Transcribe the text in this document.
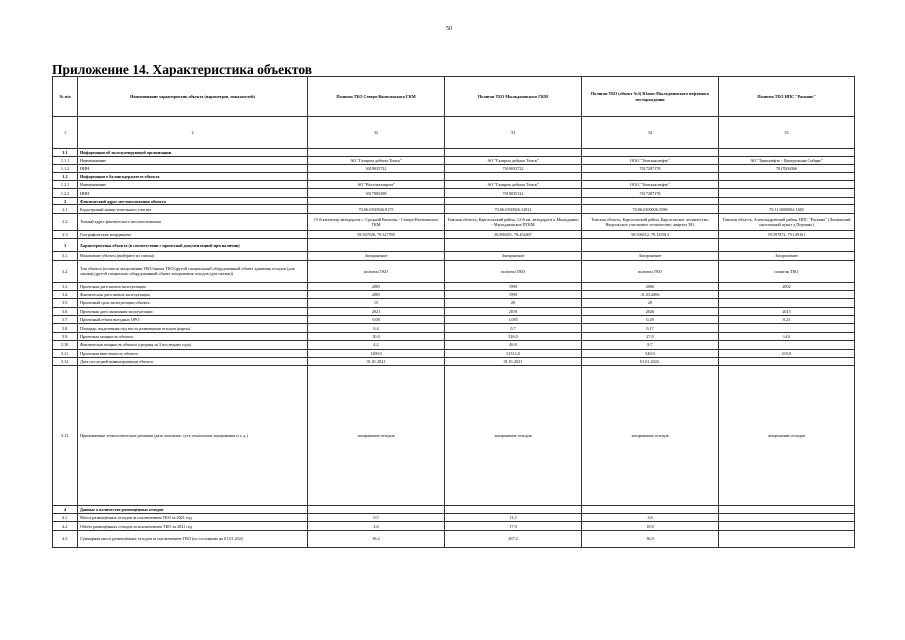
50
Приложение 14. Характеристика объектов
№ п/п	Наименование характеристик объекта (параметров, показателей)	Полигон ТБО Северо-Васюганского ГКМ	Полигон ТБО Мыльджинского ГКМ	Полигон ТБО (объект №3) Южно-Мыльджинского нефтяного месторождения	Полигон ТБО НПС "Раскино"
1	2	32	33	34	35
1.1	Информация об эксплуатирующей организации				
1.1.1	Наименование	АО "Газпром добыча Томск"	АО "Газпром добыча Томск"	ООО "Томская нефть"	АО "Транснефть - Центральная Сибирь"
1.1.2	ИНН	3019035722	7019035722	7017287178	7017004366
1.2	Информация о балансодержателе объекта				
1.2.1	Наименование	АО "Востокгазпром"	АО "Газпром добыча Томск"	ООО "Томская нефть"	
1.2.2	ИНН	3017005298	7019035122	7017287178	
2	Фактический адрес местоположения объекта				
2.1	Кадастровый номер земельного участка	70:06:0100026:9175	70:06:0100026:12812	70:06:0100026:5586	70:11:0000002:1683
2.2	Точный адрес фактического местоположения	15-й километр автодороги с. Средний Васюган - Северо-Васюганское ГКМ	Томская область, Каргасокский район, 12-й км. автодороги к Мыльджино - Мыльджинское ПГКМ	Томская область, Каргасокский район, Каргасокское лесничество, Нюрольское участковое лесничество, квартал 581	Томская область, Александровский район, НПС "Раскино" (Лопаевский населенный пункт д Порчино)
2.3	Географические координаты	59.347928, 79.327595	58.890451, 78.454407	58.506512, 78.125014	59.597872, 79.149161
3	Характеристика объекта (в соответствии с проектной документацией при наличии)				
3.1.	Назначение объекта (выберите из списка)	Захоронение	Захоронение	Захоронение	Захоронение
3.2.	Тип объекта (полигон захоронения ТКО/свалка ТКО/другой специальный оборудованный объект хранения отходов (для свалки)/другой специально оборудованный объект захоронения отходов (для свалки))	полигон ТКО	полигон ТКО	полигон ТКО	полигон ТКО
3.3.	Проектная дата начала эксплуатации	2005	1999	2006	2002
3.4.	Фактическая дата начала эксплуатации	2005	1999	31.03.2006	
3.5.	Проектный срок эксплуатации объекта	15	20	20	
3.6.	Проектная дата окончания эксплуатации	2021	2019	2026	2015
3.7.	Проектный объем въездных ОРО	0,08	1,085	0,29	0,23
3.8.	Площадь, выделенная под места размещения отходов (карты)	0,4	0,7	0,17	
3.9.	Проектная мощность объекта	50,0	526,0	27,0	14,0
3.10.	Фактическая мощность объекта (средняя за 3 последних года)	4,2	49,8	8,7	
3.11.	Проектная вместимость объекта	1200,0	31512,0	540,0	210,0
3.12.	Дата последней инвентаризации объекта	01.01.2021	01.01.2021	01.01.2022.	
3.13.	Применяемые технологические решения (дать описание: суть технологии захоронения и т. д.)	захоронение отходов	захоронение отходов	захоронение отходов	захоронение отходов
4	Данные о количестве размещённых отходов				
4.1.	Масса размещённых отходов за исключением ТКО за 2021 год	0,5	11,3	3,6	
4.2.	Объём размещённых отходов за исключением ТКО за 2021 год	2,6	17,9	18,0	
4.3.	Суммарная масса размещённых отходов за исключением ТКО (по состоянию на 01.01.2022	18,2	267,4	36,9	
